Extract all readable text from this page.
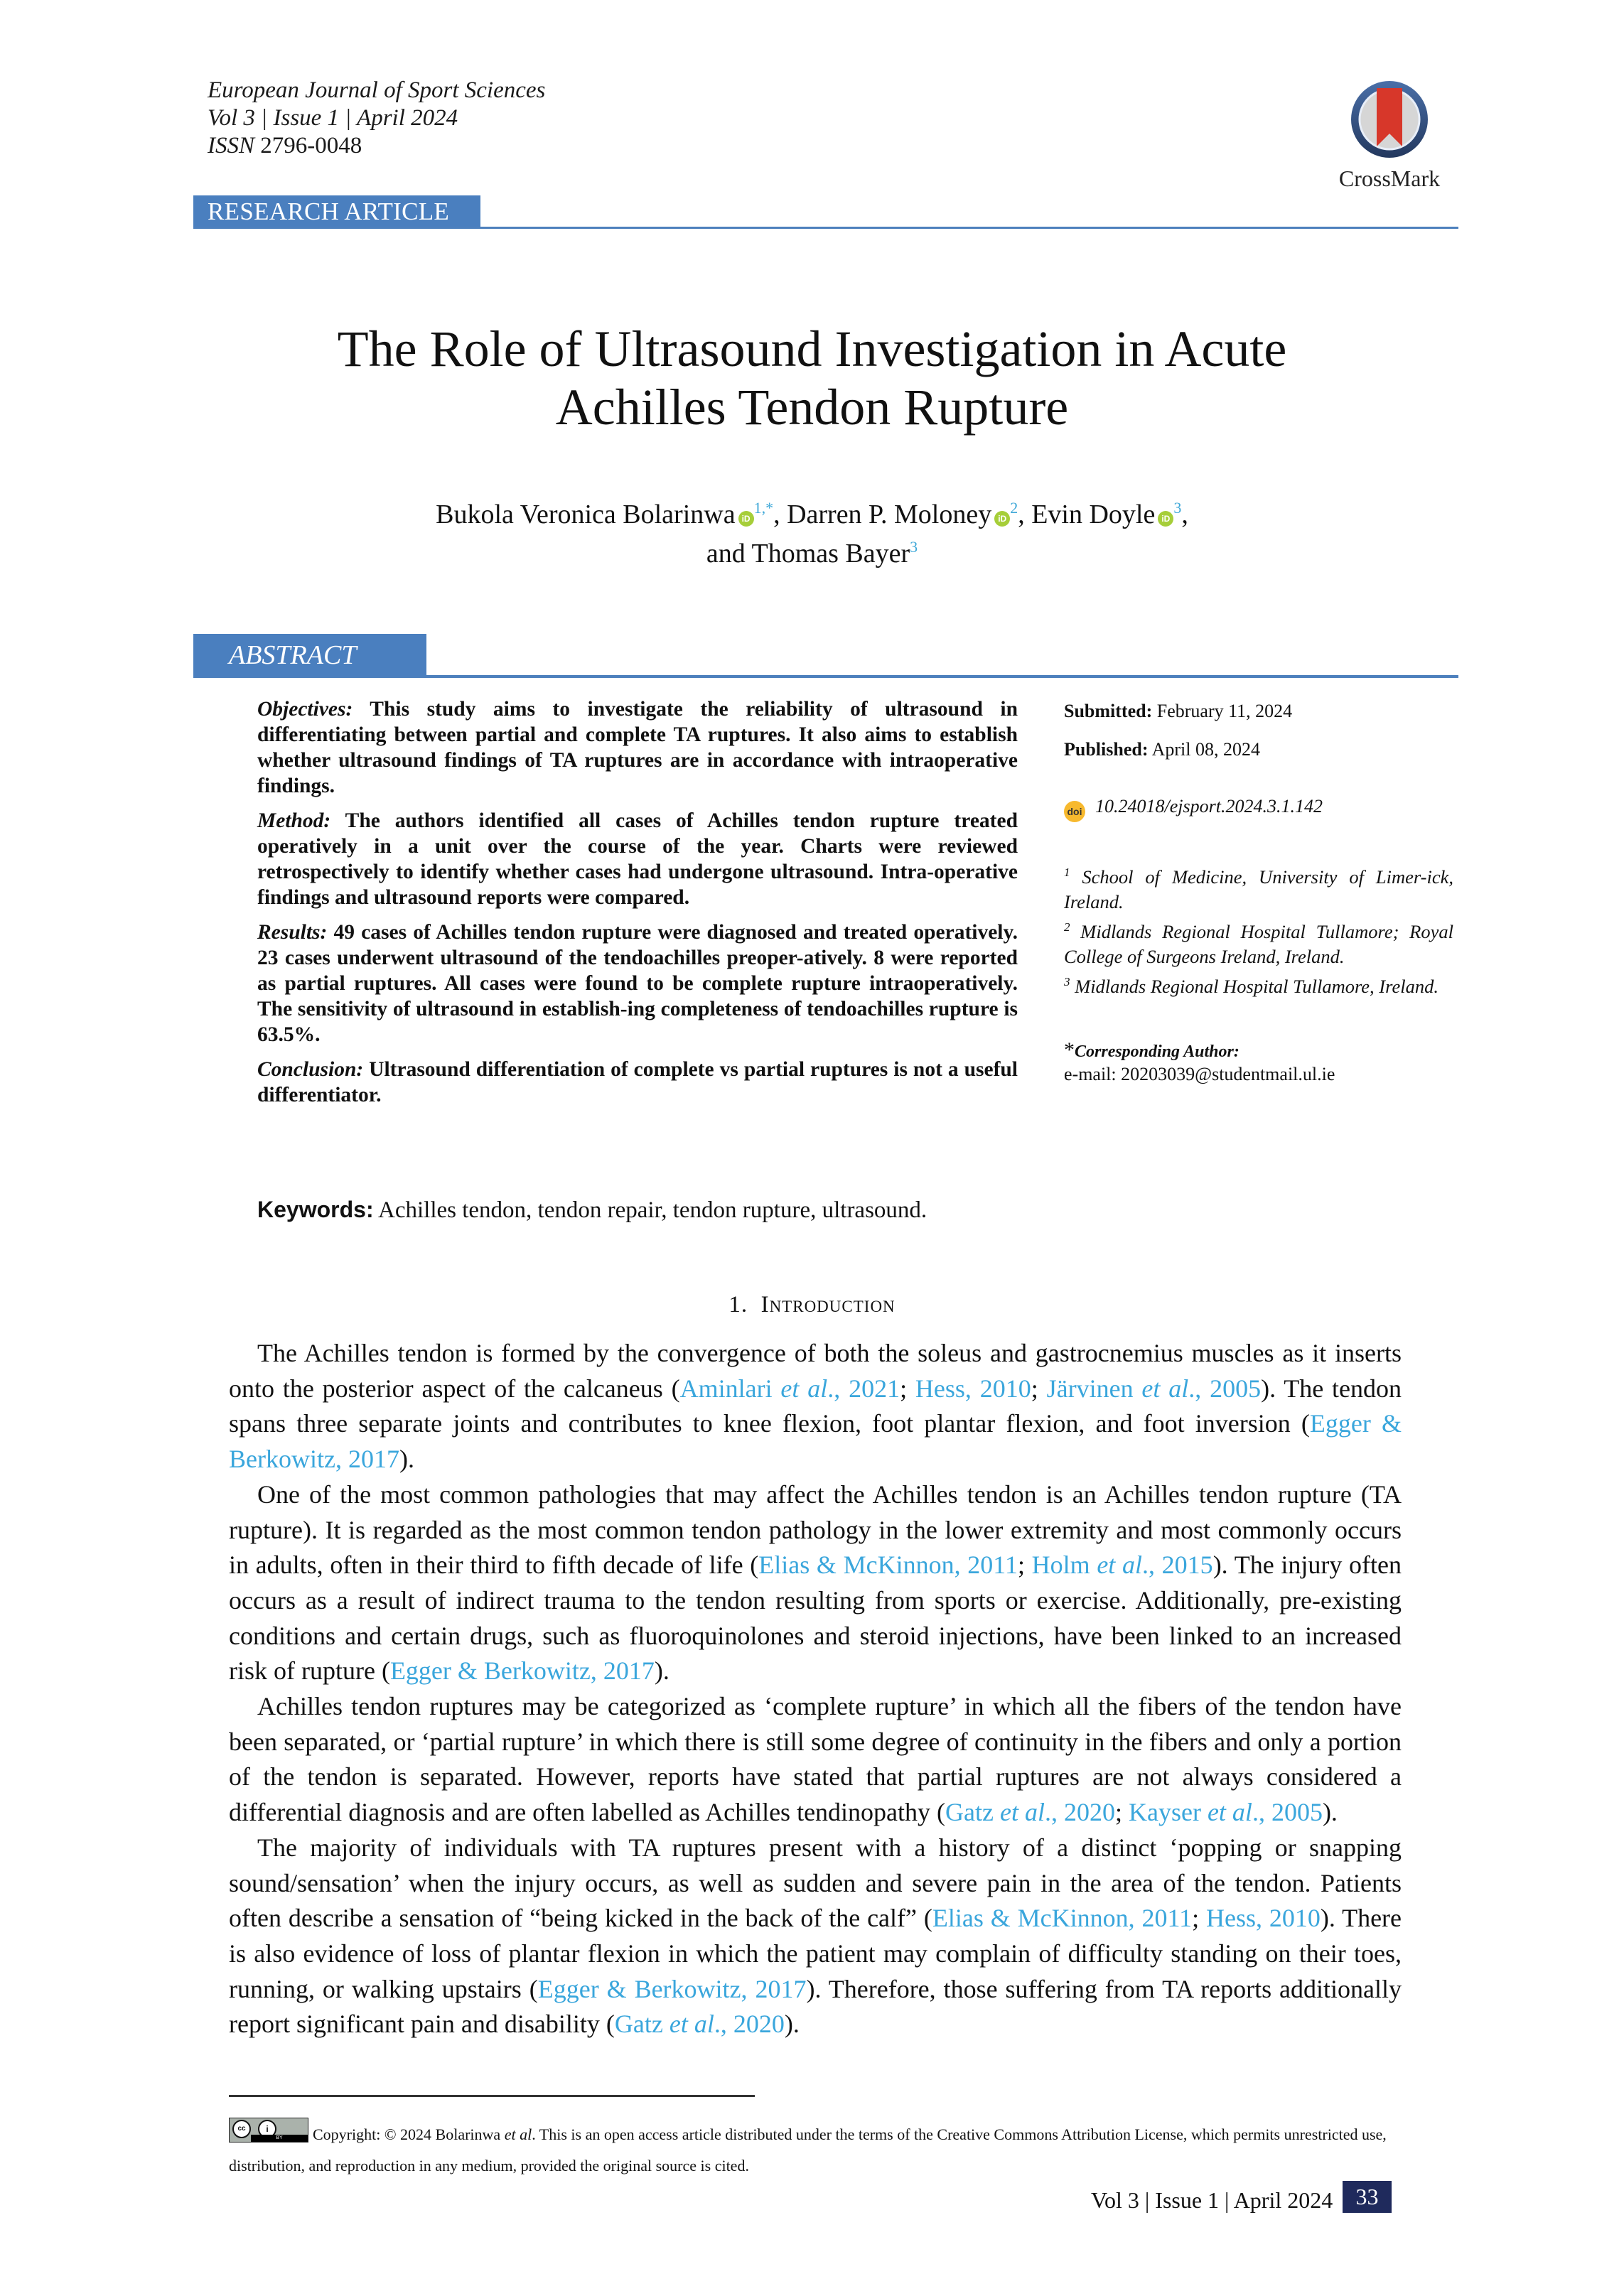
European Journal of Sport Sciences
Vol 3 | Issue 1 | April 2024
ISSN 2796-0048
CrossMark
RESEARCH ARTICLE
The Role of Ultrasound Investigation in Acute
Achilles Tendon Rupture
Bukola Veronica Bolarinwa $iD^{1,*}$, Darren P. Moloney $iD^2$, Evin Doyle $iD^3$,
and Thomas Bayer$^3$
ABSTRACT

Objectives: This study aims to investigate the reliability of ultrasound in differentiating between partial and complete TA ruptures. It also aims to establish whether ultrasound findings of TA ruptures are in accordance with intraoperative findings.

Method: The authors identified all cases of Achilles tendon rupture treated operatively in a unit over the course of the year. Charts were reviewed retrospectively to identify whether cases had undergone ultrasound. Intra-operative findings and ultrasound reports were compared.

Results: 49 cases of Achilles tendon rupture were diagnosed and treated operatively. 23 cases underwent ultrasound of the tendoachilles preoper-atively. 8 were reported as partial ruptures. All cases were found to be complete rupture intraoperatively. The sensitivity of ultrasound in establish-ing completeness of tendoachilles rupture is 63.5%.

Conclusion: Ultrasound differentiation of complete vs partial ruptures is not a useful differentiator.

Keywords: Achilles tendon, tendon repair, tendon rupture, ultrasound.
Submitted: February 11, 2024
Published: April 08, 2024
doi 10.24018/ejsport.2024.3.1.142
$^1$ School of Medicine, University of Limer-ick, Ireland.
$^2$ Midlands Regional Hospital Tullamore; Royal College of Surgeons Ireland, Ireland.
$^3$ Midlands Regional Hospital Tullamore, Ireland.
*Corresponding Author:
e-mail: 20203039@studentmail.ul.ie
1. Introduction

The Achilles tendon is formed by the convergence of both the soleus and gastrocnemius muscles as it inserts onto the posterior aspect of the calcaneus (Aminlari et al., 2021; Hess, 2010; Järvinen et al., 2005). The tendon spans three separate joints and contributes to knee flexion, foot plantar flexion, and foot inversion (Egger & Berkowitz, 2017).

One of the most common pathologies that may affect the Achilles tendon is an Achilles tendon rupture (TA rupture). It is regarded as the most common tendon pathology in the lower extremity and most commonly occurs in adults, often in their third to fifth decade of life (Elias & McKinnon, 2011; Holm et al., 2015). The injury often occurs as a result of indirect trauma to the tendon resulting from sports or exercise. Additionally, pre-existing conditions and certain drugs, such as fluoroquinolones and steroid injections, have been linked to an increased risk of rupture (Egger & Berkowitz, 2017).

Achilles tendon ruptures may be categorized as ‘complete rupture’ in which all the fibers of the tendon have been separated, or ‘partial rupture’ in which there is still some degree of continuity in the fibers and only a portion of the tendon is separated. However, reports have stated that partial ruptures are not always considered a differential diagnosis and are often labelled as Achilles tendinopathy (Gatz et al., 2020; Kayser et al., 2005).

The majority of individuals with TA ruptures present with a history of a distinct ‘popping or snapping sound/sensation’ when the injury occurs, as well as sudden and severe pain in the area of the tendon. Patients often describe a sensation of “being kicked in the back of the calf” (Elias & McKinnon, 2011; Hess, 2010). There is also evidence of loss of plantar flexion in which the patient may complain of difficulty standing on their toes, running, or walking upstairs (Egger & Berkowitz, 2017). Therefore, those suffering from TA reports additionally report significant pain and disability (Gatz et al., 2020).

cc	i
BY	Copyright: © 2024 Bolarinwa et al. This is an open access article distributed under the terms of the Creative Commons Attribution License, which permits unrestricted use, distribution, and reproduction in any medium, provided the original source is cited.
Vol 3 | Issue 1 | April 2024	33
